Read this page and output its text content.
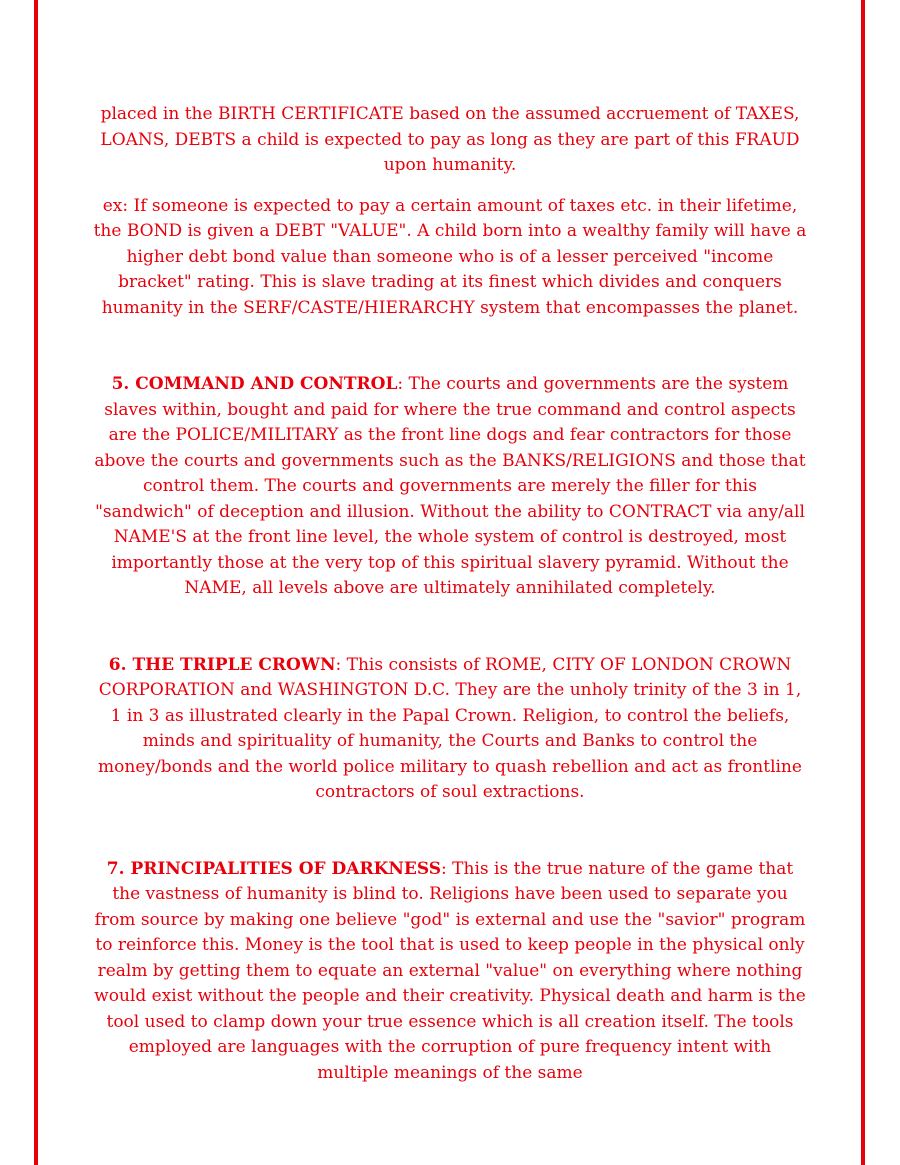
placed in the BIRTH CERTIFICATE based on the assumed accruement of TAXES, LOANS, DEBTS a child is expected to pay as long as they are part of this FRAUD upon humanity.

ex: If someone is expected to pay a certain amount of taxes etc. in their lifetime, the BOND is given a DEBT "VALUE". A child born into a wealthy family will have a higher debt bond value than someone who is of a lesser perceived "income bracket" rating. This is slave trading at its finest which divides and conquers humanity in the SERF/CASTE/HIERARCHY system that encompasses the planet.

5. COMMAND AND CONTROL: The courts and governments are the system slaves within, bought and paid for where the true command and control aspects are the POLICE/MILITARY as the front line dogs and fear contractors for those above the courts and governments such as the BANKS/RELIGIONS and those that control them. The courts and governments are merely the filler for this "sandwich" of deception and illusion. Without the ability to CONTRACT via any/all NAME'S at the front line level, the whole system of control is destroyed, most importantly those at the very top of this spiritual slavery pyramid. Without the NAME, all levels above are ultimately annihilated completely.

6. THE TRIPLE CROWN: This consists of ROME, CITY OF LONDON CROWN CORPORATION and WASHINGTON D.C. They are the unholy trinity of the 3 in 1, 1 in 3 as illustrated clearly in the Papal Crown. Religion, to control the beliefs, minds and spirituality of humanity, the Courts and Banks to control the money/bonds and the world police military to quash rebellion and act as frontline contractors of soul extractions.

7. PRINCIPALITIES OF DARKNESS: This is the true nature of the game that the vastness of humanity is blind to. Religions have been used to separate you from source by making one believe "god" is external and use the "savior" program to reinforce this. Money is the tool that is used to keep people in the physical only realm by getting them to equate an external "value" on everything where nothing would exist without the people and their creativity. Physical death and harm is the tool used to clamp down your true essence which is all creation itself. The tools employed are languages with the corruption of pure frequency intent with multiple meanings of the same
